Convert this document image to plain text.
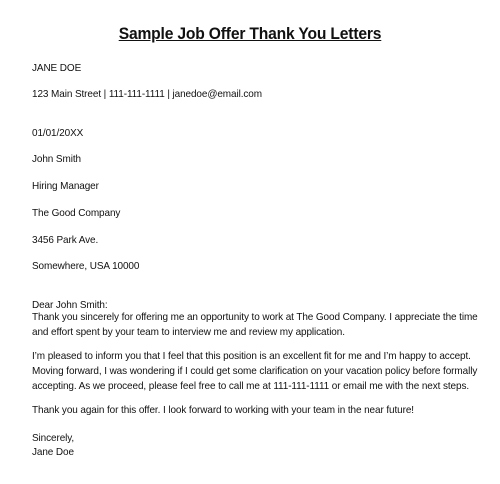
Sample Job Offer Thank You Letters
JANE DOE
123 Main Street | 111-111-1111 | janedoe@email.com
01/01/20XX
John Smith
Hiring Manager
The Good Company
3456 Park Ave.
Somewhere, USA 10000
Dear John Smith:
Thank you sincerely for offering me an opportunity to work at The Good Company. I appreciate the time
and effort spent by your team to interview me and review my application.
I’m pleased to inform you that I feel that this position is an excellent fit for me and I’m happy to accept.
Moving forward, I was wondering if I could get some clarification on your vacation policy before formally
accepting. As we proceed, please feel free to call me at 111-111-1111 or email me with the next steps.
Thank you again for this offer. I look forward to working with your team in the near future!
Sincerely,
Jane Doe
